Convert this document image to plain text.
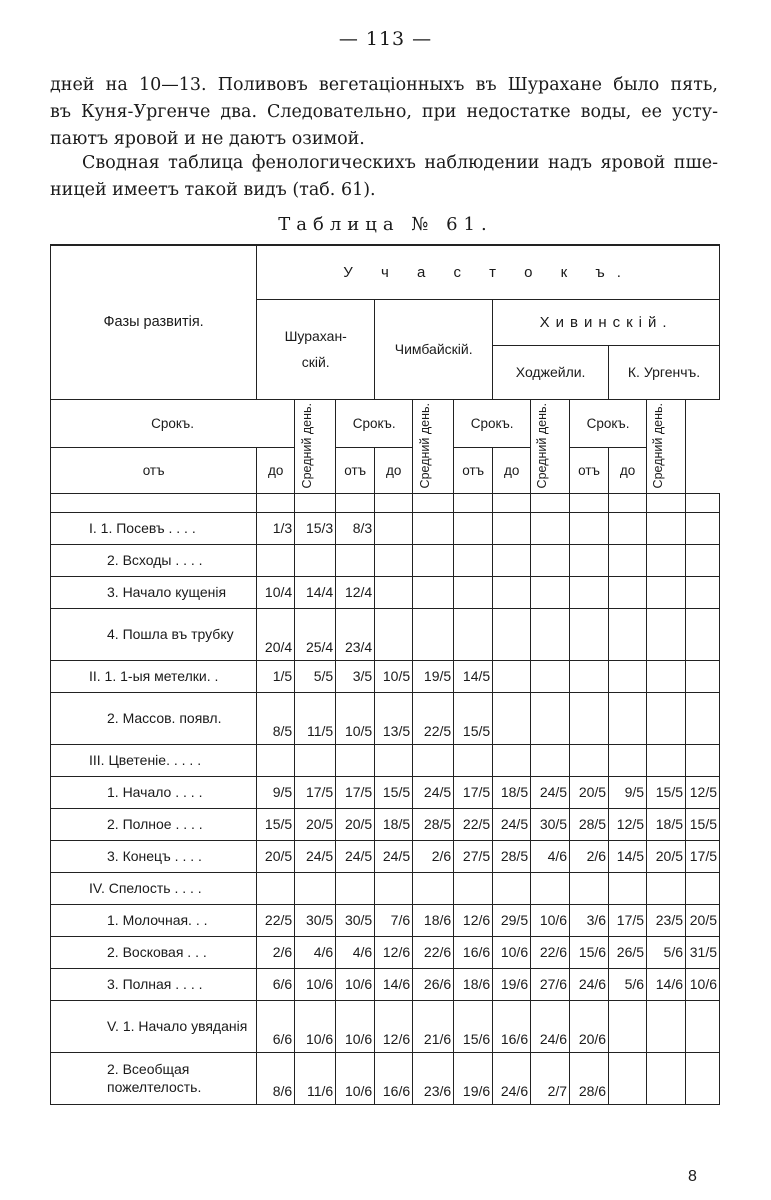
— 113 —
дней на 10—13. Поливовъ вегетаціонныхъ въ Шурахане было пять,
въ Куня-Ургенче два. Следовательно, при недостатке воды, ее усту-
паютъ яровой и не даютъ озимой.
Сводная таблица фенологическихъ наблюдении надъ яровой пше-
ницей имеетъ такой видъ (таб. 61).
Таблица № 61.
Фазы развитія.	У ч а с т о к ъ.											
	Шурахан-скій.			Чимбайскій.			Хивинскій.					
							Ходжейли.			К. Ургенчъ.		

Срокъ.		Средний день.	Срокъ.		Средний день.	Срокъ.		Средний день.	Срокъ.		Средний день.	

отъ	до		отъ	до		отъ	до		отъ	до		

I. 1. Посевъ . . . .	1/3	15/3	8/3									
2. Всходы . . . .												
3. Начало кущенія	10/4	14/4	12/4									
4. Пошла въ трубку	20/4	25/4	23/4									
II. 1. 1-ыя метелки. .	1/5	5/5	3/5	10/5	19/5	14/5						
2. Массов. появл.	8/5	11/5	10/5	13/5	22/5	15/5						
III. Цветеніе. . . . .												
1. Начало . . . .	9/5	17/5	17/5	15/5	24/5	17/5	18/5	24/5	20/5	9/5	15/5	12/5
2. Полное . . . .	15/5	20/5	20/5	18/5	28/5	22/5	24/5	30/5	28/5	12/5	18/5	15/5
3. Конецъ . . . .	20/5	24/5	24/5	24/5	2/6	27/5	28/5	4/6	2/6	14/5	20/5	17/5
IV. Спелость . . . .												
1. Молочная. . .	22/5	30/5	30/5	7/6	18/6	12/6	29/5	10/6	3/6	17/5	23/5	20/5
2. Восковая . . .	2/6	4/6	4/6	12/6	22/6	16/6	10/6	22/6	15/6	26/5	5/6	31/5
3. Полная . . . .	6/6	10/6	10/6	14/6	26/6	18/6	19/6	27/6	24/6	5/6	14/6	10/6
V. 1. Начало увяданія	6/6	10/6	10/6	12/6	21/6	15/6	16/6	24/6	20/6			
2. Всеобщая пожелтелость.	8/6	11/6	10/6	16/6	23/6	19/6	24/6	2/7	28/6			
8
